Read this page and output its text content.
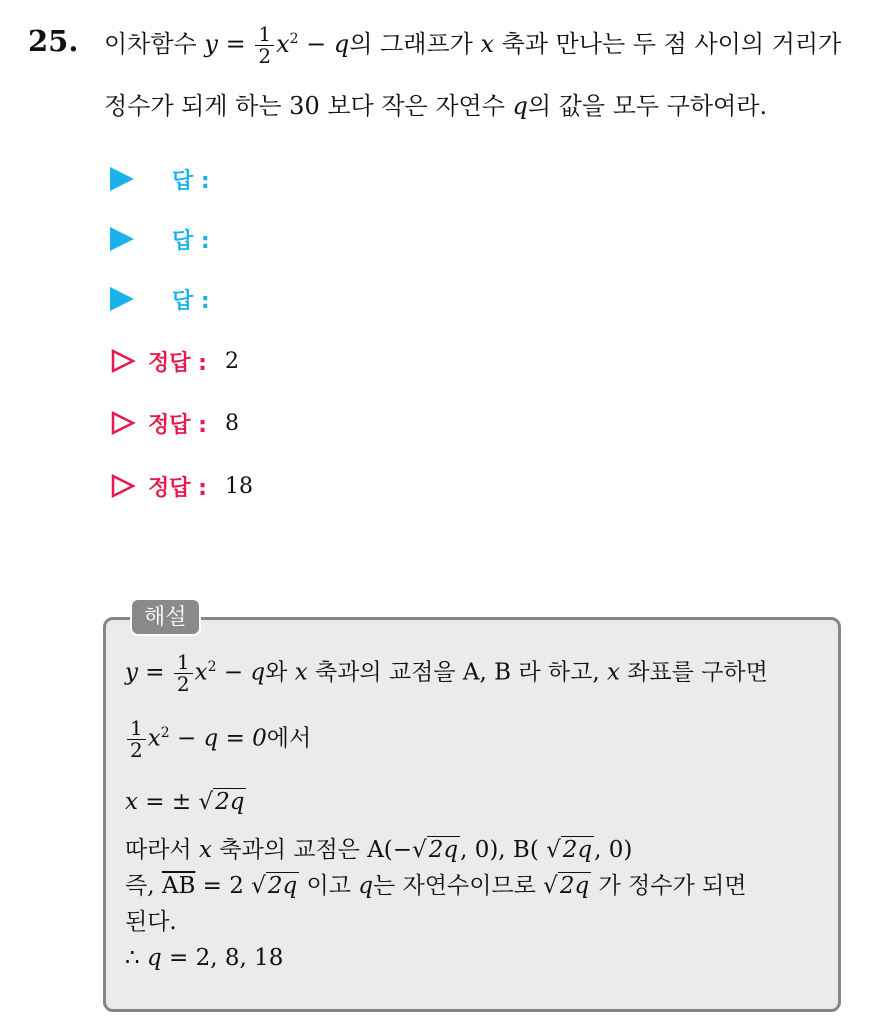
25. 이차함수 $y = \frac{1}{2} x^2 - q$의 그래프가 x 축과 만나는 두 점 사이의 거리가
정수가 되게 하는 30 보다 작은 자연수 q의 값을 모두 구하여라.
답 :
답 :
답 :
정답 : 2
정답 : 8
정답 : 18
해설
$y = \frac{1}{2} x^2 - q$와 x 축과의 교점을 A, B 라 하고, x 좌표를 구하면
$\frac{1}{2} x^2 - q = 0$에서
x = ± √2q
따라서 x 축과의 교점은 A(−√2q, 0), B( √2q, 0)
즉, $\overline{AB} = 2$ √2q 이고 q는 자연수이므로 √2q 가 정수가 되면
된다.
∴ q = 2, 8, 18
